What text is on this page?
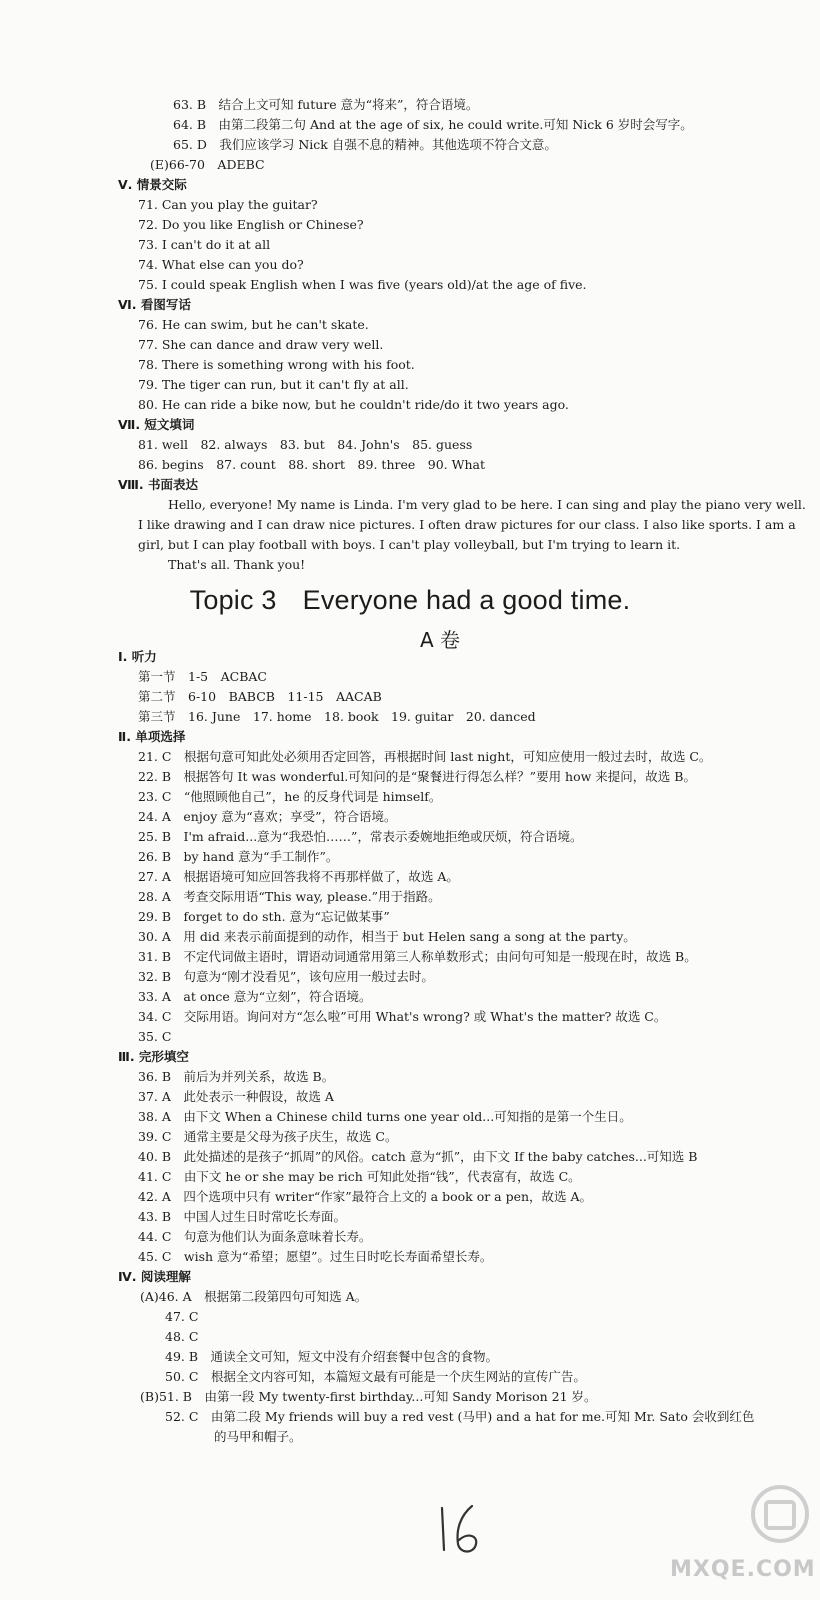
63. B　结合上文可知 future 意为“将来”，符合语境。
64. B　由第二段第二句 And at the age of six, he could write.可知 Nick 6 岁时会写字。
65. D　我们应该学习 Nick 自强不息的精神。其他选项不符合文意。
(E)66-70　ADEBC
Ⅴ. 情景交际
71. Can you play the guitar?
72. Do you like English or Chinese?
73. I can't do it at all
74. What else can you do?
75. I could speak English when I was five (years old)/at the age of five.
Ⅵ. 看图写话
76. He can swim, but he can't skate.
77. She can dance and draw very well.
78. There is something wrong with his foot.
79. The tiger can run, but it can't fly at all.
80. He can ride a bike now, but he couldn't ride/do it two years ago.
Ⅶ. 短文填词
81. well　82. always　83. but　84. John's　85. guess
86. begins　87. count　88. short　89. three　90. What
Ⅷ. 书面表达
Hello, everyone! My name is Linda. I'm very glad to be here. I can sing and play the piano very well.
I like drawing and I can draw nice pictures. I often draw pictures for our class. I also like sports. I am a
girl, but I can play football with boys. I can't play volleyball, but I'm trying to learn it.
That's all. Thank you!
Ⅰ. 听力
第一节　1-5　ACBAC
第二节　6-10　BABCB　11-15　AACAB
第三节　16. June　17. home　18. book　19. guitar　20. danced
Ⅱ. 单项选择
21. C　根据句意可知此处必须用否定回答，再根据时间 last night，可知应使用一般过去时，故选 C。
22. B　根据答句 It was wonderful.可知问的是“聚餐进行得怎么样？”要用 how 来提问，故选 B。
23. C　“他照顾他自己”，he 的反身代词是 himself。
24. A　enjoy 意为“喜欢；享受”，符合语境。
25. B　I'm afraid...意为“我恐怕……”，常表示委婉地拒绝或厌烦，符合语境。
26. B　by hand 意为“手工制作”。
27. A　根据语境可知应回答我将不再那样做了，故选 A。
28. A　考查交际用语“This way, please.”用于指路。
29. B　forget to do sth. 意为“忘记做某事”
30. A　用 did 来表示前面提到的动作，相当于 but Helen sang a song at the party。
31. B　不定代词做主语时，谓语动词通常用第三人称单数形式；由问句可知是一般现在时，故选 B。
32. B　句意为“刚才没看见”，该句应用一般过去时。
33. A　at once 意为“立刻”，符合语境。
34. C　交际用语。询问对方“怎么啦”可用 What's wrong? 或 What's the matter? 故选 C。
35. C
Ⅲ. 完形填空
36. B　前后为并列关系，故选 B。
37. A　此处表示一种假设，故选 A
38. A　由下文 When a Chinese child turns one year old...可知指的是第一个生日。
39. C　通常主要是父母为孩子庆生，故选 C。
40. B　此处描述的是孩子“抓周”的风俗。catch 意为“抓”，由下文 If the baby catches...可知选 B
41. C　由下文 he or she may be rich 可知此处指“钱”，代表富有，故选 C。
42. A　四个选项中只有 writer“作家”最符合上文的 a book or a pen，故选 A。
43. B　中国人过生日时常吃长寿面。
44. C　句意为他们认为面条意味着长寿。
45. C　wish 意为“希望；愿望”。过生日时吃长寿面希望长寿。
Ⅳ. 阅读理解
(A)46. A　根据第二段第四句可知选 A。
47. C
48. C
49. B　通读全文可知，短文中没有介绍套餐中包含的食物。
50. C　根据全文内容可知，本篇短文最有可能是一个庆生网站的宣传广告。
(B)51. B　由第一段 My twenty-first birthday...可知 Sandy Morison 21 岁。
52. C　由第二段 My friends will buy a red vest (马甲) and a hat for me.可知 Mr. Sato 会收到红色
的马甲和帽子。
Topic 3 Everyone had a good time.
A 卷
MXQE.COM
